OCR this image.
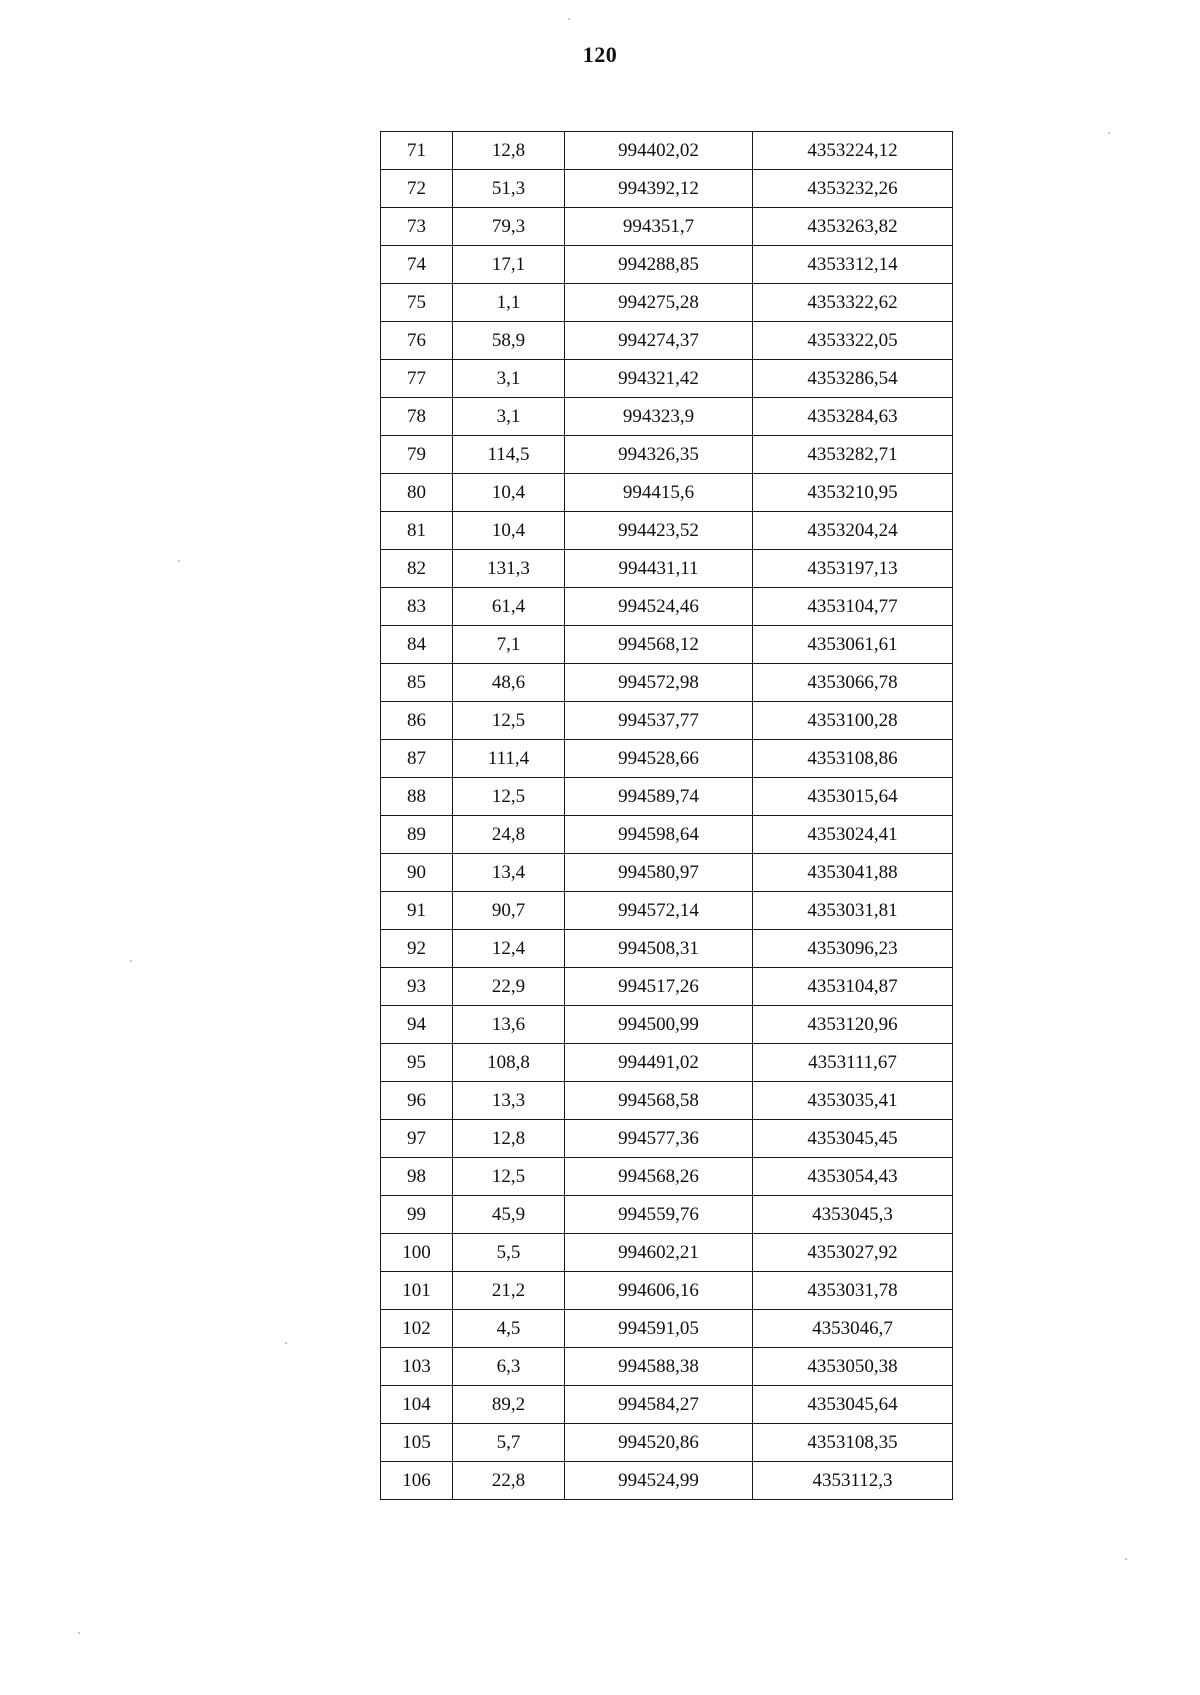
120
71	12,8	994402,02	4353224,12
72	51,3	994392,12	4353232,26
73	79,3	994351,7	4353263,82
74	17,1	994288,85	4353312,14
75	1,1	994275,28	4353322,62
76	58,9	994274,37	4353322,05
77	3,1	994321,42	4353286,54
78	3,1	994323,9	4353284,63
79	114,5	994326,35	4353282,71
80	10,4	994415,6	4353210,95
81	10,4	994423,52	4353204,24
82	131,3	994431,11	4353197,13
83	61,4	994524,46	4353104,77
84	7,1	994568,12	4353061,61
85	48,6	994572,98	4353066,78
86	12,5	994537,77	4353100,28
87	111,4	994528,66	4353108,86
88	12,5	994589,74	4353015,64
89	24,8	994598,64	4353024,41
90	13,4	994580,97	4353041,88
91	90,7	994572,14	4353031,81
92	12,4	994508,31	4353096,23
93	22,9	994517,26	4353104,87
94	13,6	994500,99	4353120,96
95	108,8	994491,02	4353111,67
96	13,3	994568,58	4353035,41
97	12,8	994577,36	4353045,45
98	12,5	994568,26	4353054,43
99	45,9	994559,76	4353045,3
100	5,5	994602,21	4353027,92
101	21,2	994606,16	4353031,78
102	4,5	994591,05	4353046,7
103	6,3	994588,38	4353050,38
104	89,2	994584,27	4353045,64
105	5,7	994520,86	4353108,35
106	22,8	994524,99	4353112,3
